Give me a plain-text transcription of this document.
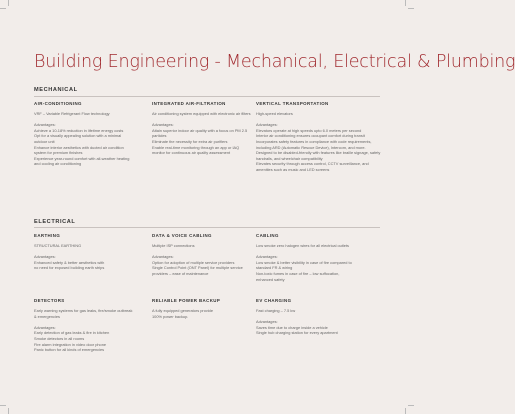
Building Engineering - Mechanical, Electrical & Plumbing
MECHANICAL
AIR-CONDITIONING
VRF – Variable Refrigerant Flow technology

Advantages:
Achieve a 10-18% reduction in lifetime energy costs
Opt for a visually appealing solution with a minimal outdoor unit
Enhance interior aesthetics with ducted air condition system for premium finishes
Experience year-round comfort with all-weather heating and cooling air conditioning
INTEGRATED AIR-FILTRATION
Air conditioning system equipped with electronic air filters

Advantages:
Attain superior indoor air quality with a focus on PM 2.5 particles
Eliminate the necessity for extra air purifiers
Enable real-time monitoring through an app or IAQ monitor for continuous air quality assessment
VERTICAL TRANSPORTATION
High-speed elevators

Advantages:
Elevators operate at high speeds upto 6.0 meters per second
Interior air conditioning ensures occupant comfort during transit
Incorporates safety features in compliance with code requirements, including ARD (Automatic Rescue Device), Intercom, and more.
Designed to be disabled-friendly with features like braille signage, safety handrails, and wheelchair compatibility
Elevates security through access control, CCTV surveillance, and amenities such as music and LED screens
ELECTRICAL
EARTHING
STRUCTURAL EARTHING

Advantages:
Enhanced safety & better aesthetics with
no need for exposed building earth strips
DATA & VOICE CABLING
Multiple ISP connections

Advantages:
Option for adoption of multiple service providers
Single Control Point (ONT Panel) for multiple service providers – ease of maintenance
CABLING
Low smoke zero halogen wires for all electrical outlets

Advantages:
Low smoke & better visibility in case of fire compared to standard FR & wiring
Non-toxic fumes in case of fire – low suffocation, enhanced safety
DETECTORS
Early warning systems for gas leaks, fire/smoke outbreak & emergencies

Advantages:
Early detection of gas leaks & fire in kitchen
Smoke detectors in all rooms
Fire alarm integration in video door phone
Panic button for all kinds of emergencies
RELIABLE POWER BACKUP
A fully equipped generators provide
100% power backup.
EV CHARGING
Fast charging – 7.5 kw

Advantages:
Saves time due to charge inside a vehicle
Single hub charging station for every apartment
